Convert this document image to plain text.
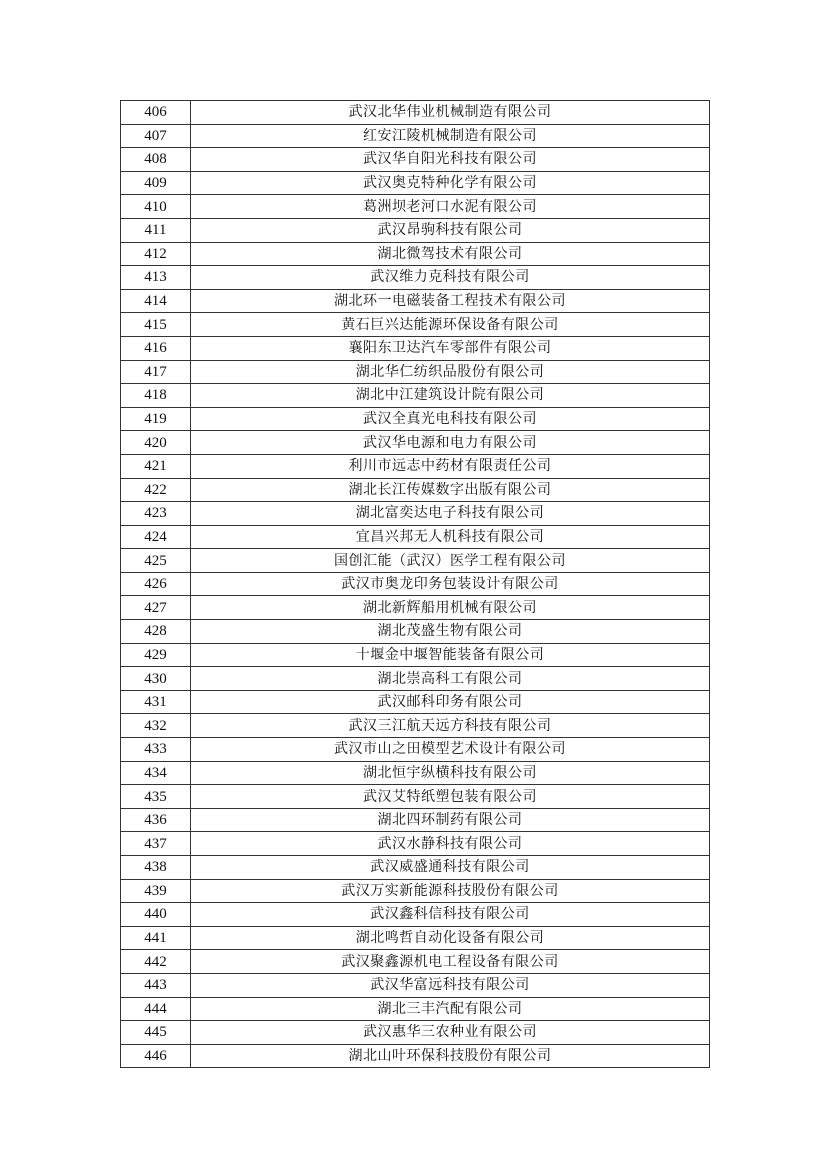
406	武汉北华伟业机械制造有限公司
407	红安江陵机械制造有限公司
408	武汉华自阳光科技有限公司
409	武汉奥克特种化学有限公司
410	葛洲坝老河口水泥有限公司
411	武汉昂驹科技有限公司
412	湖北微驾技术有限公司
413	武汉维力克科技有限公司
414	湖北环一电磁装备工程技术有限公司
415	黄石巨兴达能源环保设备有限公司
416	襄阳东卫达汽车零部件有限公司
417	湖北华仁纺织品股份有限公司
418	湖北中江建筑设计院有限公司
419	武汉全真光电科技有限公司
420	武汉华电源和电力有限公司
421	利川市远志中药材有限责任公司
422	湖北长江传媒数字出版有限公司
423	湖北富奕达电子科技有限公司
424	宜昌兴邦无人机科技有限公司
425	国创汇能（武汉）医学工程有限公司
426	武汉市奥龙印务包装设计有限公司
427	湖北新辉船用机械有限公司
428	湖北茂盛生物有限公司
429	十堰金中堰智能装备有限公司
430	湖北崇高科工有限公司
431	武汉邮科印务有限公司
432	武汉三江航天远方科技有限公司
433	武汉市山之田模型艺术设计有限公司
434	湖北恒宇纵横科技有限公司
435	武汉艾特纸塑包装有限公司
436	湖北四环制药有限公司
437	武汉水静科技有限公司
438	武汉威盛通科技有限公司
439	武汉万实新能源科技股份有限公司
440	武汉鑫科信科技有限公司
441	湖北鸣哲自动化设备有限公司
442	武汉聚鑫源机电工程设备有限公司
443	武汉华富远科技有限公司
444	湖北三丰汽配有限公司
445	武汉惠华三农种业有限公司
446	湖北山叶环保科技股份有限公司
